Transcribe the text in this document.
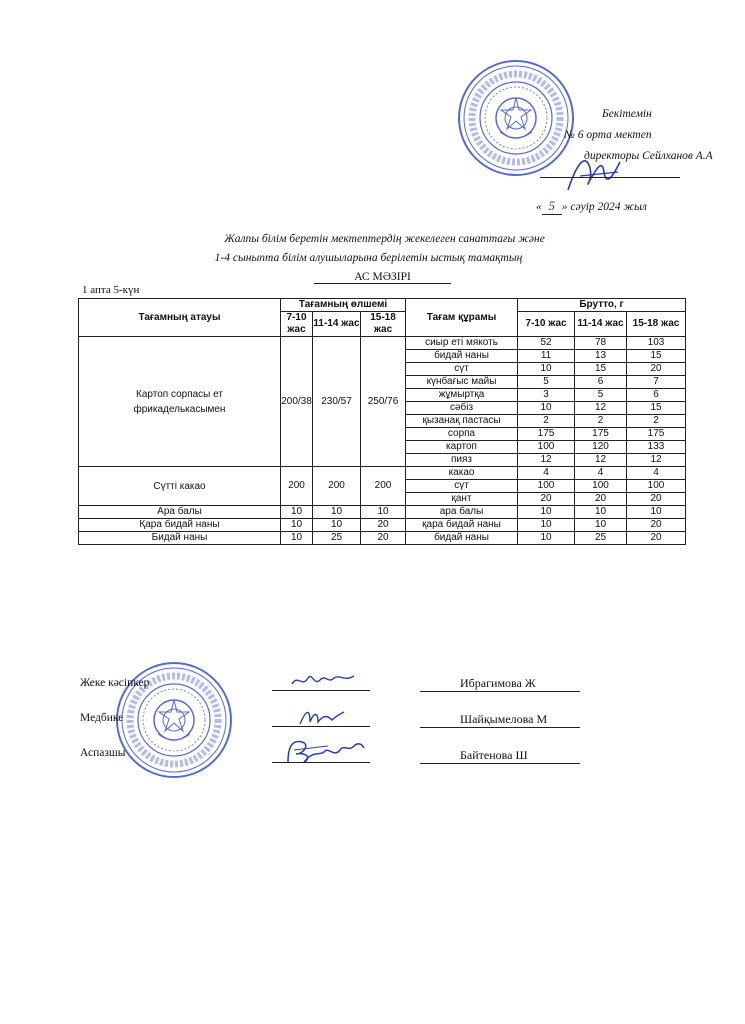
Бекітемін
№ 6 орта мектеп
директоры Сейлханов А.А
« 5 » сәуір 2024 жыл
Жалпы білім беретін мектептердің жекелеген санаттағы және
1-4 сыныпта білім алушыларына берілетін ыстық тамақтың
АС МӘЗІРІ
1 апта 5-күн
Тағамның атауы	Тағамның өлшемі			Тағам құрамы	Брутто, г		
	7-10 жас	11-14 жас	15-18 жас		7-10 жас	11-14 жас	15-18 жас
Картоп сорпасы ет фрикаделькасымен	200/38	230/57	250/76	сиыр еті мякоть	52	78	103
				бидай наны	11	13	15
				сүт	10	15	20
				күнбағыс майы	5	6	7
				жұмыртқа	3	5	6
				сәбіз	10	12	15
				қызанақ пастасы	2	2	2
				сорпа	175	175	175
				картоп	100	120	133
				пияз	12	12	12
Сүтті какао	200	200	200	какао	4	4	4
				сүт	100	100	100
				қант	20	20	20
Ара балы	10	10	10	ара балы	10	10	10
Қара бидай наны	10	10	20	қара бидай наны	10	10	20
Бидай наны	10	25	20	бидай наны	10	25	20
Жеке кәсіпкер
Медбике
Аспазшы
Ибрагимова Ж
Шайқымелова М
Байтенова Ш
